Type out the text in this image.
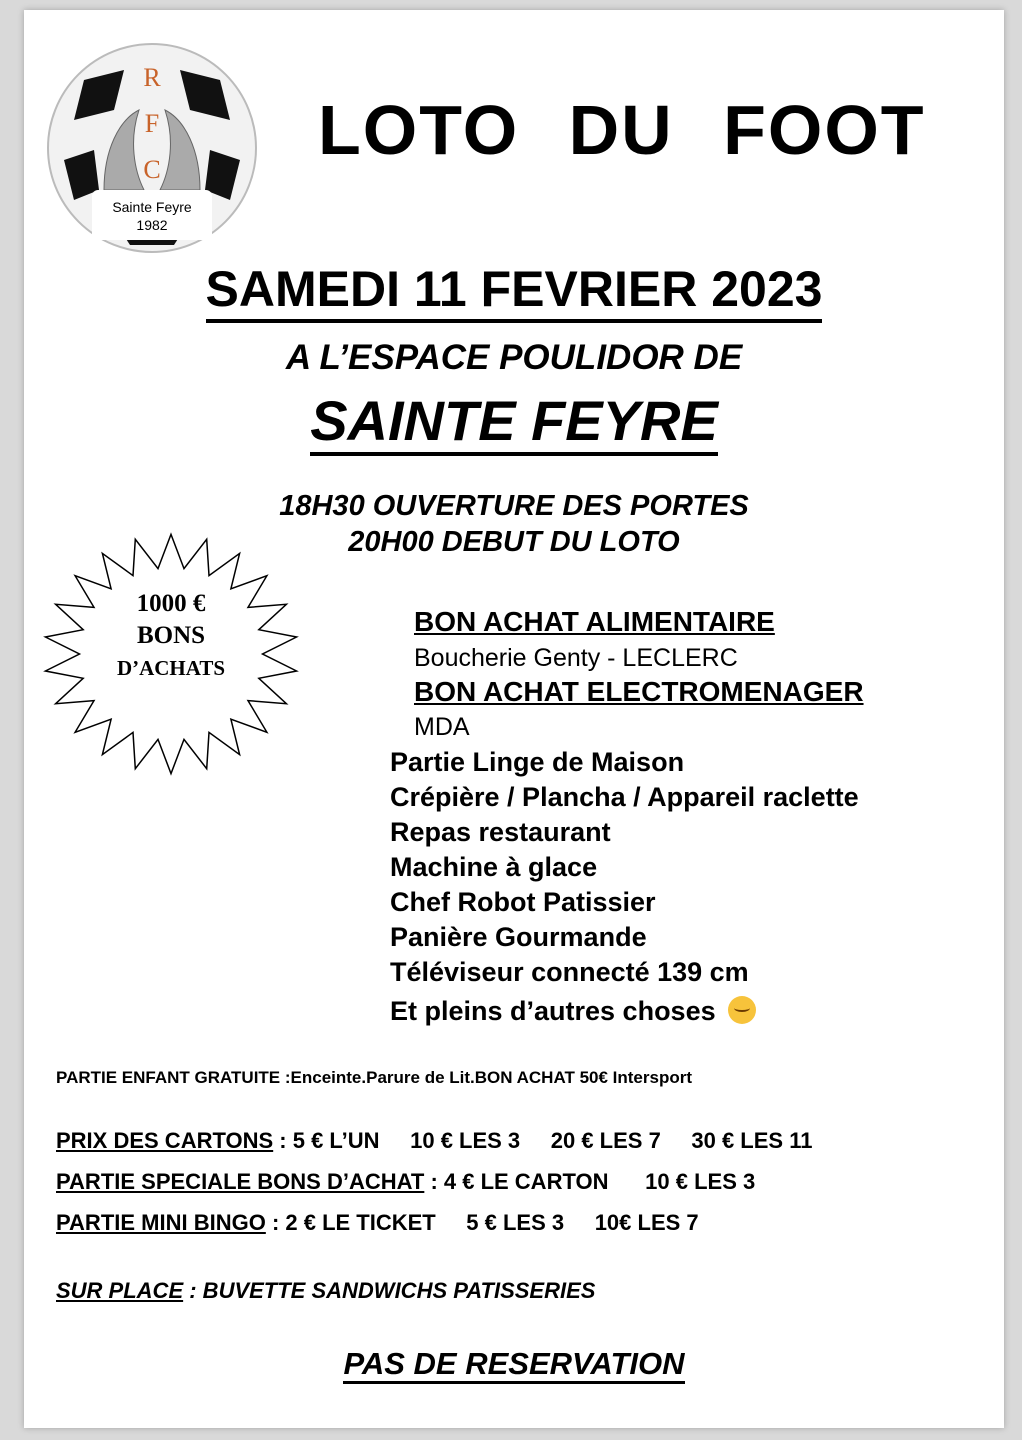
R
F
C
Sainte Feyre
1982
LOTO DU FOOT
SAMEDI 11 FEVRIER 2023
A L’ESPACE POULIDOR DE
SAINTE FEYRE
18H30 OUVERTURE DES PORTES
20H00 DEBUT DU LOTO
1000 €
BONS
D’ACHATS
BON ACHAT ALIMENTAIRE
Boucherie Genty - LECLERC
BON ACHAT ELECTROMENAGER
MDA
Partie Linge de Maison
Crépière / Plancha / Appareil raclette
Repas restaurant
Machine à glace
Chef Robot Patissier
Panière Gourmande
Téléviseur connecté 139 cm
Et pleins d’autres choses
PARTIE ENFANT GRATUITE :Enceinte.Parure de Lit.BON ACHAT 50€ Intersport
PRIX DES CARTONS : 5 € L’UN     10 € LES 3     20 € LES 7     30 € LES 11
PARTIE SPECIALE BONS D’ACHAT : 4 € LE CARTON      10 € LES 3
PARTIE MINI BINGO : 2 € LE TICKET     5 € LES 3     10€ LES 7
SUR PLACE : BUVETTE SANDWICHS PATISSERIES
PAS DE RESERVATION
